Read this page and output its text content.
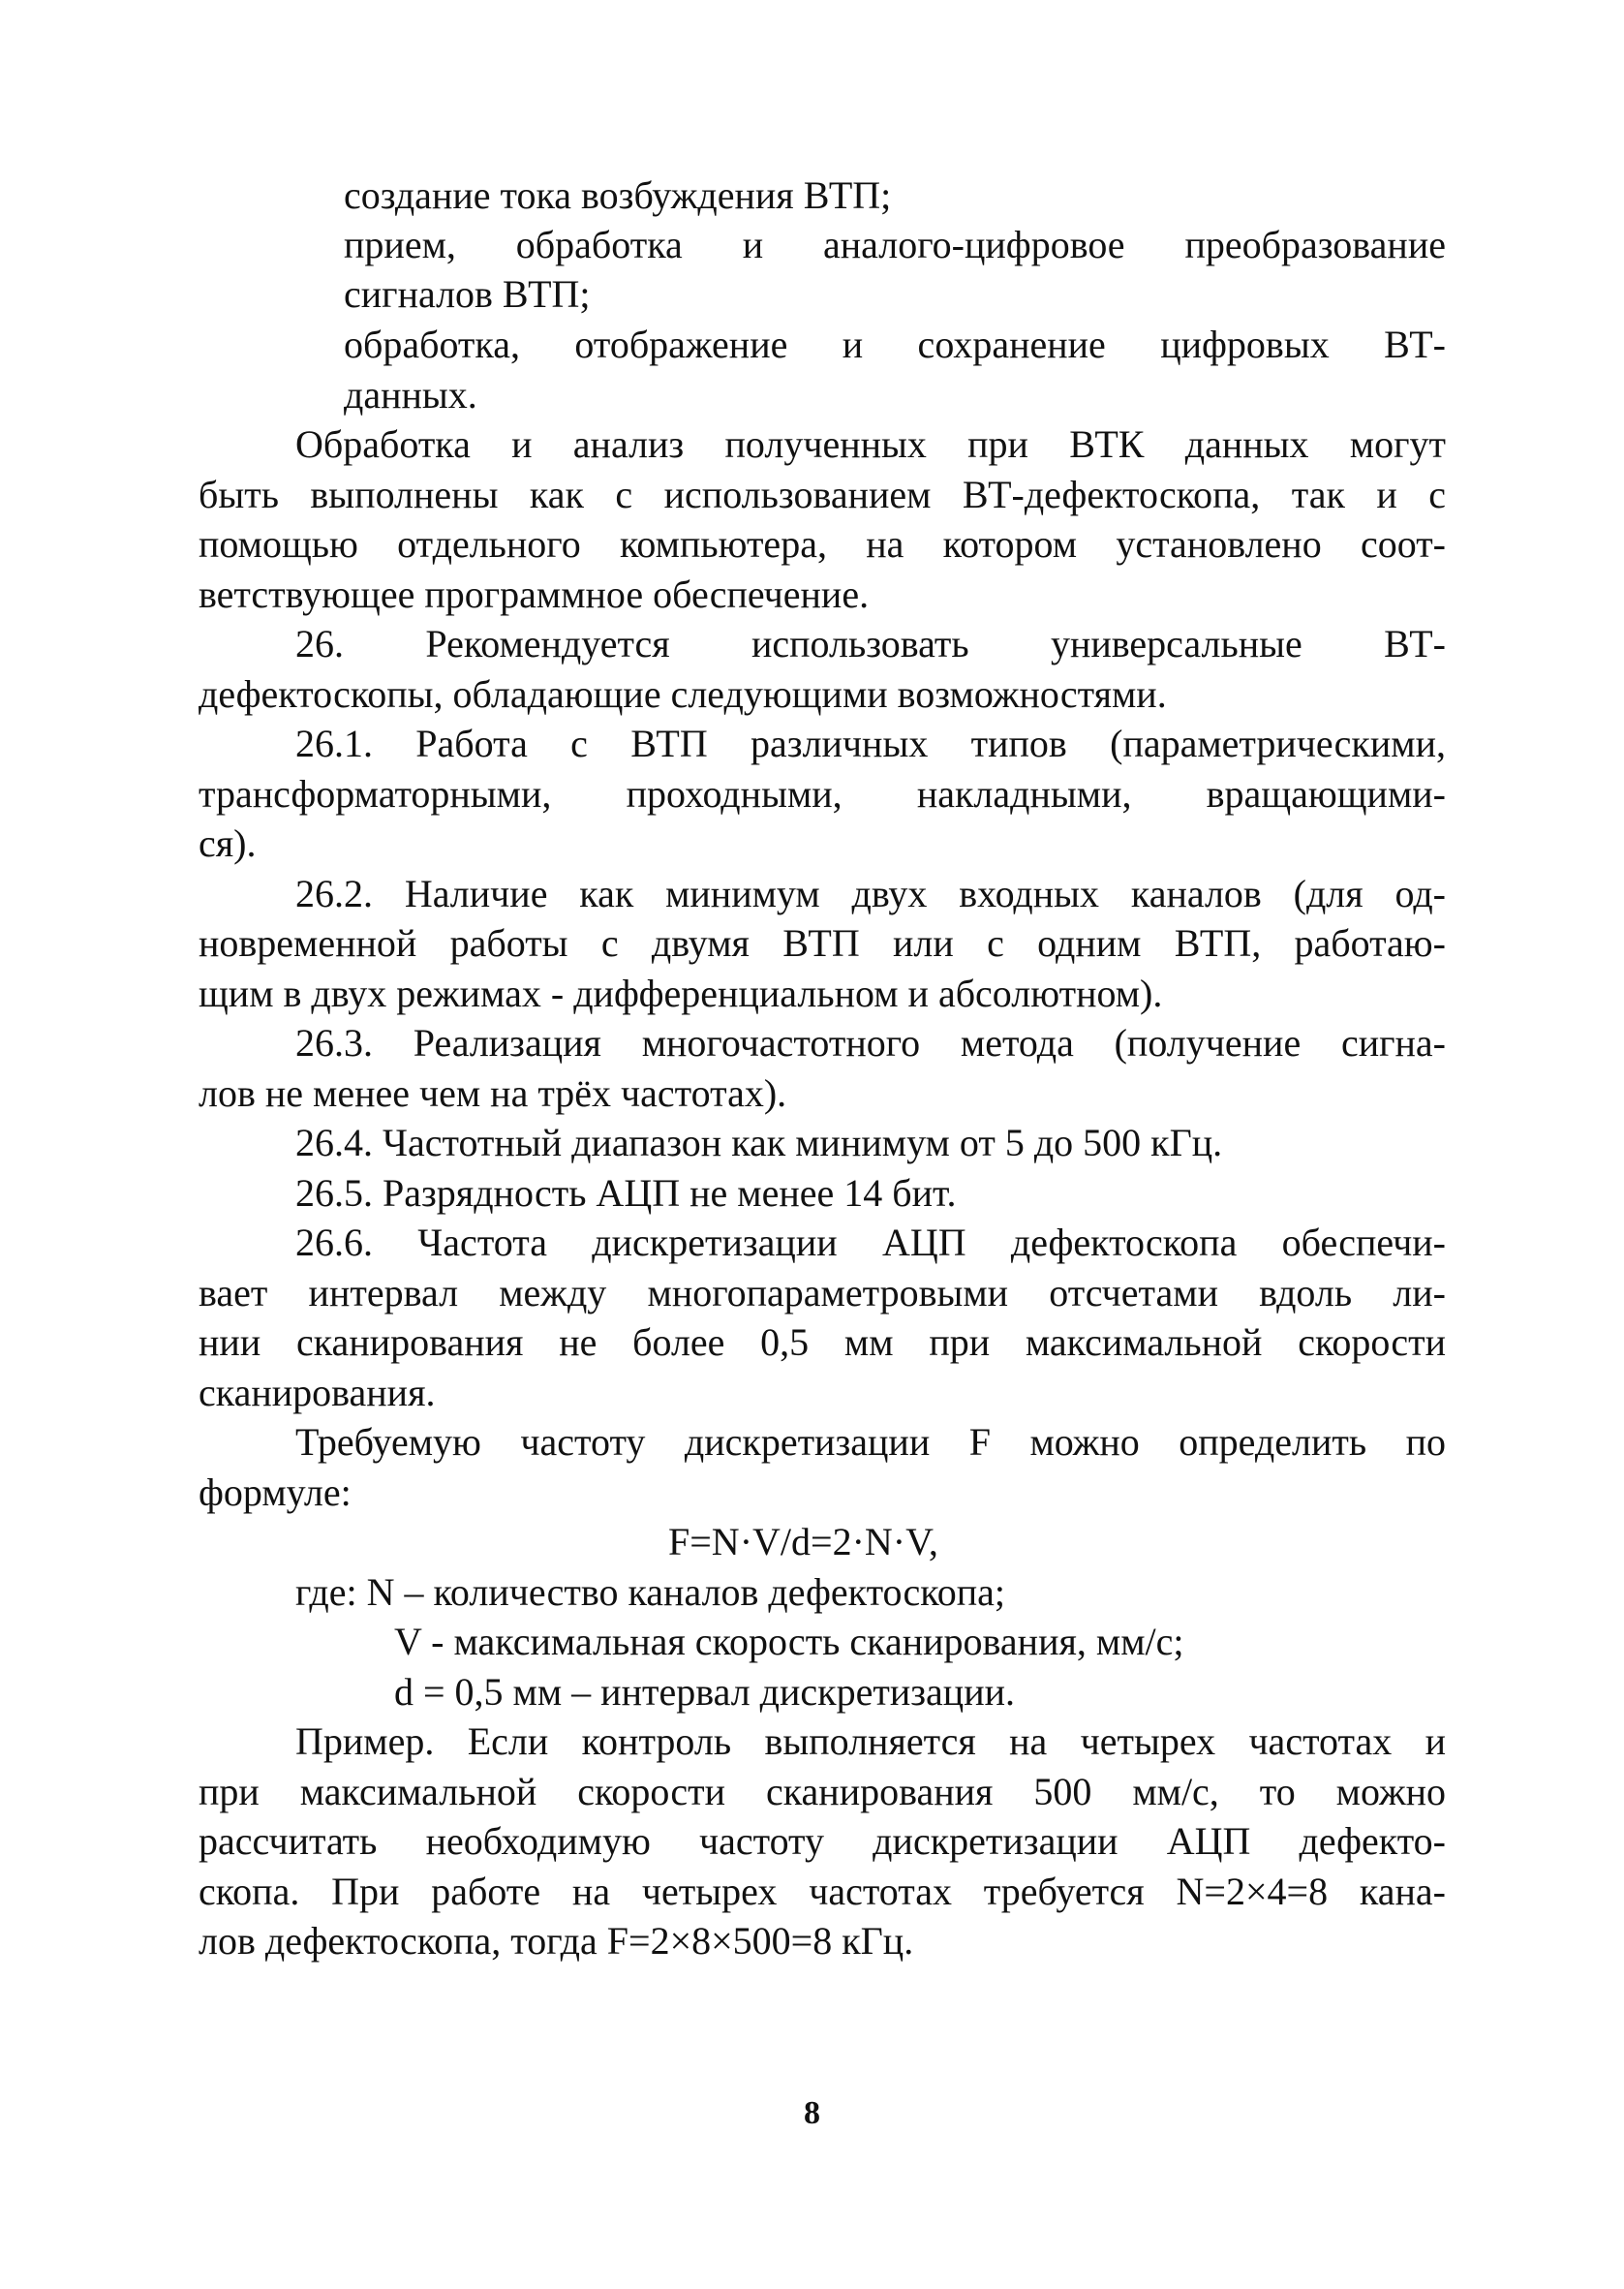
создание тока возбуждения ВТП;

прием, обработка и аналого-цифровое преобразование

сигналов ВТП;

обработка, отображение и сохранение цифровых ВТ-

данных.

Обработка и анализ полученных при ВТК данных могут

быть выполнены как с использованием ВТ-дефектоскопа, так и с

помощью отдельного компьютера, на котором установлено соот-

ветствующее программное обеспечение.

26. Рекомендуется использовать универсальные ВТ-

дефектоскопы, обладающие следующими возможностями.

26.1. Работа с ВТП различных типов (параметрическими,

трансформаторными, проходными, накладными, вращающими-

ся).

26.2. Наличие как минимум двух входных каналов (для од-

новременной работы с двумя ВТП или с одним ВТП, работаю-

щим в двух режимах - дифференциальном и абсолютном).

26.3. Реализация многочастотного метода (получение сигна-

лов не менее чем на трёх частотах).

26.4. Частотный диапазон как минимум от 5 до 500 кГц.

26.5. Разрядность АЦП не менее 14 бит.

26.6. Частота дискретизации АЦП дефектоскопа обеспечи-

вает интервал между многопараметровыми отсчетами вдоль ли-

нии сканирования не более 0,5 мм при максимальной скорости

сканирования.

Требуемую частоту дискретизации F можно определить по

формуле:

F=N·V/d=2·N·V,

где: N – количество каналов дефектоскопа;

V - максимальная скорость сканирования, мм/с;

d = 0,5 мм – интервал дискретизации.

Пример. Если контроль выполняется на четырех частотах и

при максимальной скорости сканирования 500 мм/с, то можно

рассчитать необходимую частоту дискретизации АЦП дефекто-

скопа. При работе на четырех частотах требуется N=2×4=8 кана-

лов дефектоскопа, тогда F=2×8×500=8 кГц.

8
